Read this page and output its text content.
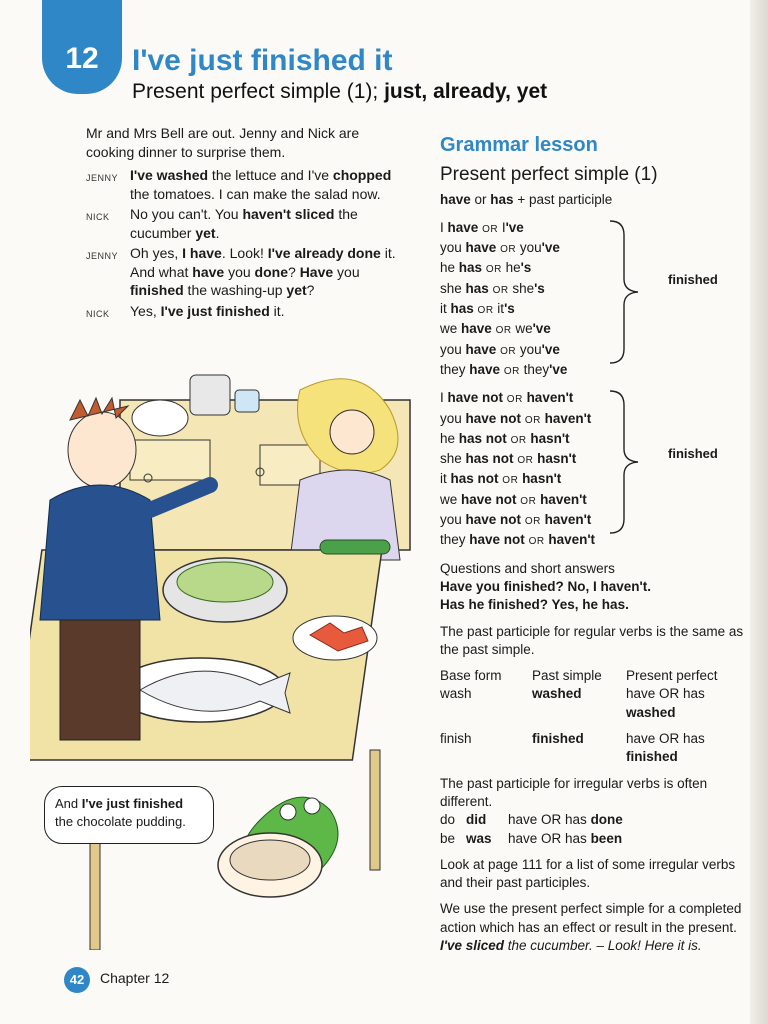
12	I've just finished it
Present perfect simple (1); just, already, yet
Mr and Mrs Bell are out. Jenny and Nick are cooking dinner to surprise them.
JENNY I've washed the lettuce and I've chopped the tomatoes. I can make the salad now.
NICK	No you can't. You haven't sliced the cucumber yet.
JENNY Oh yes, I have. Look! I've already done it. And what have you done? Have you finished the washing-up yet?
NICK	Yes, I've just finished it.
And I've just finished the chocolate pudding.
Grammar lesson
Present perfect simple (1)
have or has + past participle
I have OR I've
you have OR you've
he has OR he's
she has OR she's
it has OR it's
we have OR we've
you have OR you've
they have OR they've
finished
I have not OR haven't
you have not OR haven't
he has not OR hasn't
she has not OR hasn't
it has not OR hasn't
we have not OR haven't
you have not OR haven't
they have not OR haven't
finished
Questions and short answers
Have you finished? No, I haven't.
Has he finished? Yes, he has.
The past participle for regular verbs is the same as the past simple.
Base form	Past simple	Present perfect
wash	washed	have OR has
washed

finish	finished	have OR has
finished
The past participle for irregular verbs is often different.
do did	have OR has
done
be was	have OR has
been
Look at page 111 for a list of some irregular verbs and their past participles.
We use the present perfect simple for a completed action which has an effect or result in the present.
I've sliced the cucumber. – Look! Here it is.
42	Chapter 12
